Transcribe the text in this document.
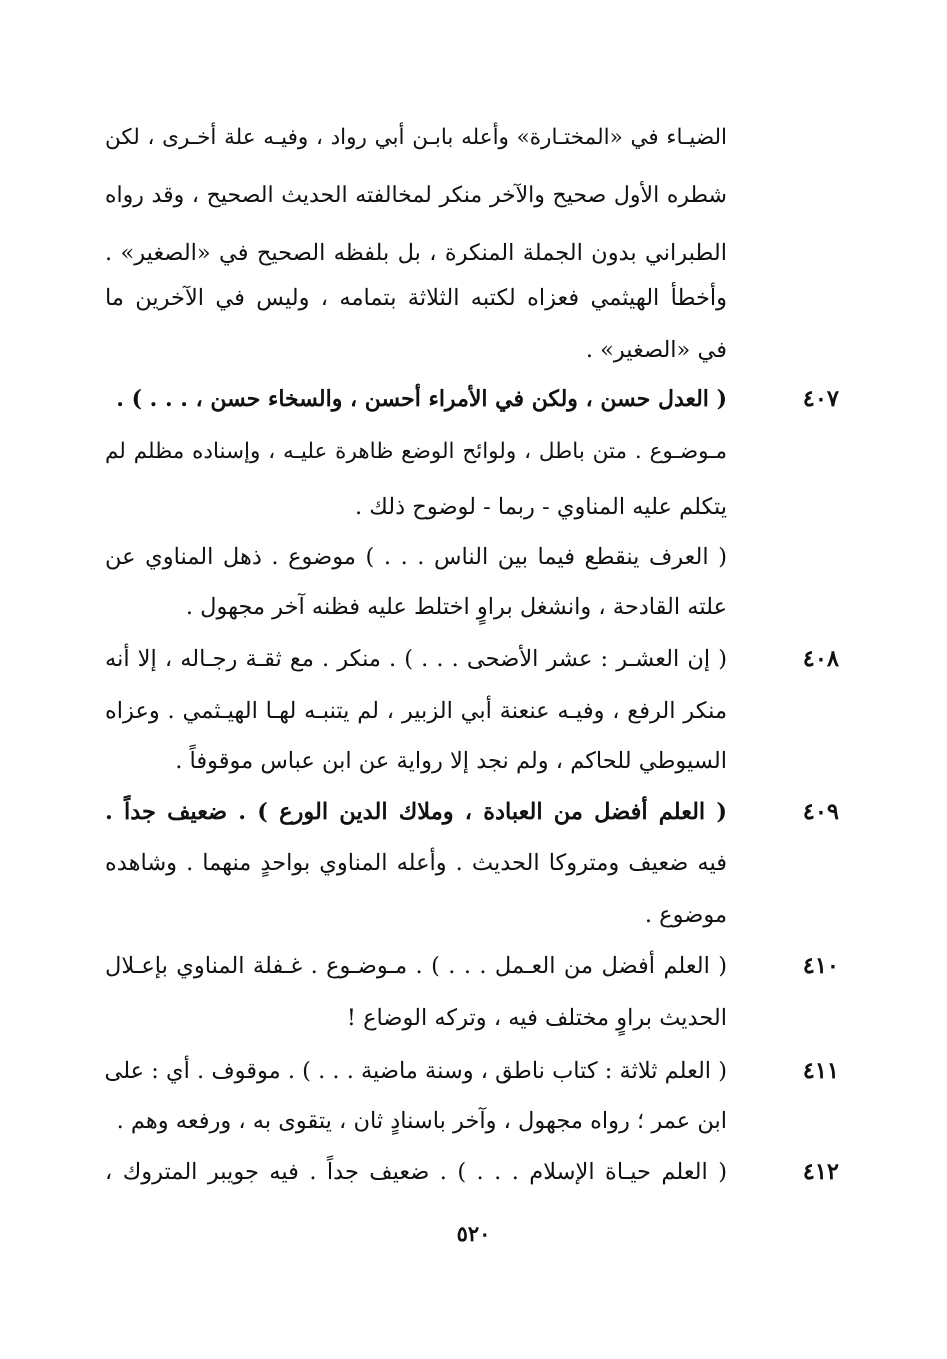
الضيـاء في «المختـارة» وأعله بابـن أبي رواد ، وفيـه علة أخـرى ، لكن
شطره الأول صحيح والآخر منكر لمخالفته الحديث الصحيح ، وقد رواه
الطبراني بدون الجملة المنكرة ، بل بلفظه الصحيح في «الصغير» .
وأخطأ الهيثمي فعزاه لكتبه الثلاثة بتمامه ، وليس في الآخرين ما
في «الصغير» .
٤٠٧
( العدل حسن ، ولكن في الأمراء أحسن ، والسخاء حسن ، . . . ) .
مـوضـوع . متن باطل ، ولوائح الوضع ظاهرة عليـه ، وإسناده مظلم لم
يتكلم عليه المناوي - ربما - لوضوح ذلك .
( العرف ينقطع فيما بين الناس . . . ) موضوع . ذهل المناوي عن
علته القادحة ، وانشغل براوٍ اختلط عليه فظنه آخر مجهول .
٤٠٨
( إن العشـر : عشر الأضحى . . . ) . منكر . مع ثقـة رجـاله ، إلا أنه
منكر الرفع ، وفيـه عنعنة أبي الزبير ، لم يتنبـه لهـا الهيـثمي . وعزاه
السيوطي للحاكم ، ولم نجد إلا رواية عن ابن عباس موقوفاً .
٤٠٩
( العلم أفضل من العبادة ، وملاك الدين الورع ) . ضعيف جداً .
فيه ضعيف ومتروكا الحديث . وأعله المناوي بواحدٍ منهما . وشاهده
موضوع .
٤١٠
( العلم أفضل من العـمل . . . ) . مـوضـوع . غـفلة المناوي بإعـلال
الحديث براوٍ مختلف فيه ، وتركه الوضاع !
٤١١
( العلم ثلاثة : كتاب ناطق ، وسنة ماضية . . . ) . موقوف . أي : على
ابن عمر ؛ رواه مجهول ، وآخر باسنادٍ ثان ، يتقوى به ، ورفعه وهم .
٤١٢
( العلم حيـاة الإسلام . . . ) . ضعيف جداً . فيه جويبر المتروك ،
٥٢٠
